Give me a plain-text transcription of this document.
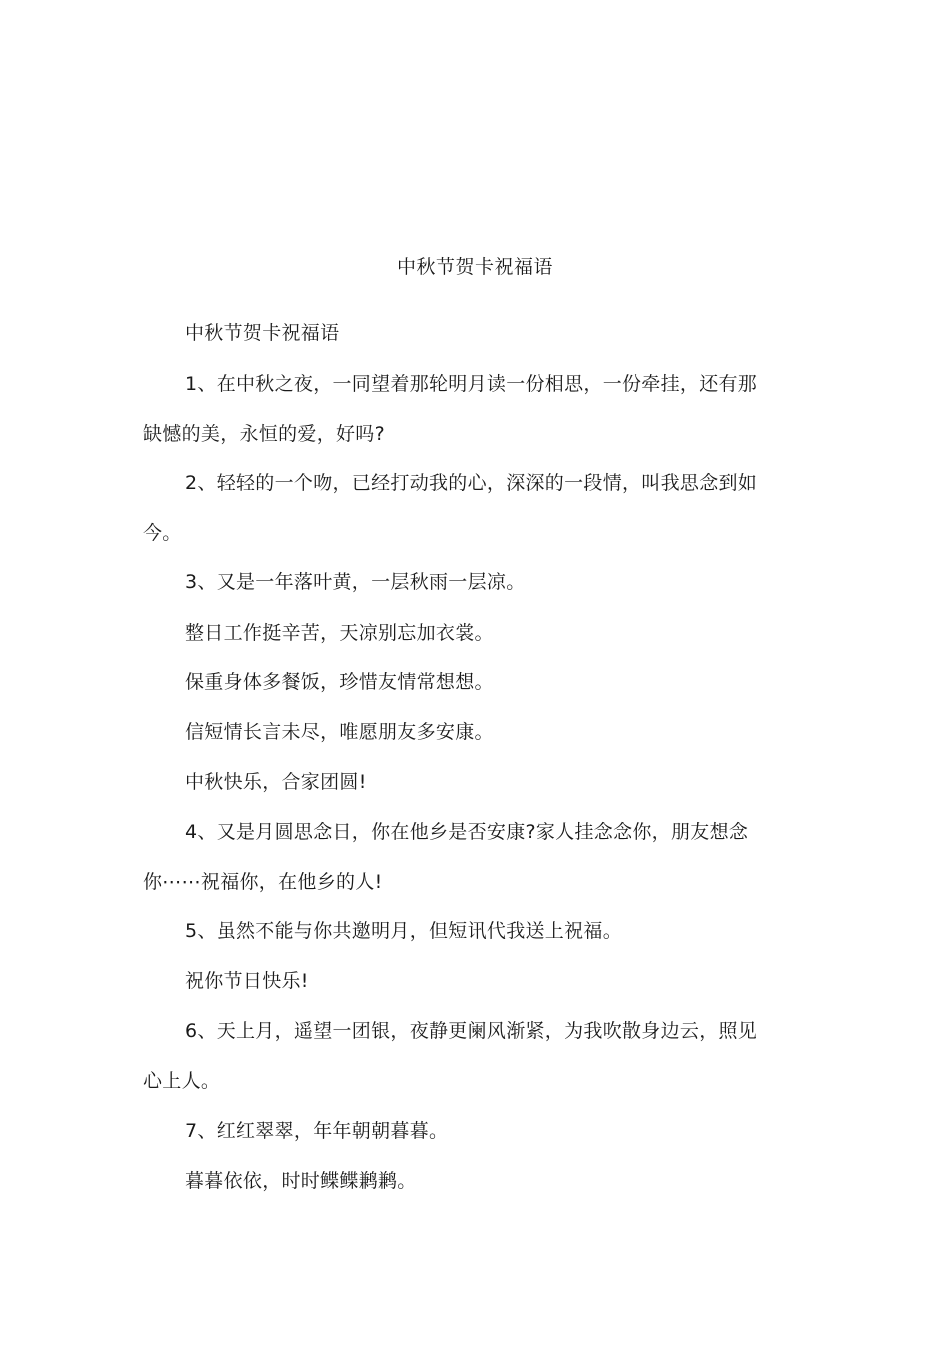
中秋节贺卡祝福语
中秋节贺卡祝福语
1、在中秋之夜，一同望着那轮明月读一份相思，一份牵挂，还有那
缺憾的美，永恒的爱，好吗?
2、轻轻的一个吻，已经打动我的心，深深的一段情，叫我思念到如
今。
3、又是一年落叶黄，一层秋雨一层凉。
整日工作挺辛苦，天凉别忘加衣裳。
保重身体多餐饭，珍惜友情常想想。
信短情长言未尽，唯愿朋友多安康。
中秋快乐，合家团圆!
4、又是月圆思念日，你在他乡是否安康?家人挂念念你，朋友想念
你⋯⋯祝福你，在他乡的人!
5、虽然不能与你共邀明月，但短讯代我送上祝福。
祝你节日快乐!
6、天上月，遥望一团银，夜静更阑风渐紧，为我吹散身边云，照见
心上人。
7、红红翠翠，年年朝朝暮暮。
暮暮依依，时时鲽鲽鹣鹣。
